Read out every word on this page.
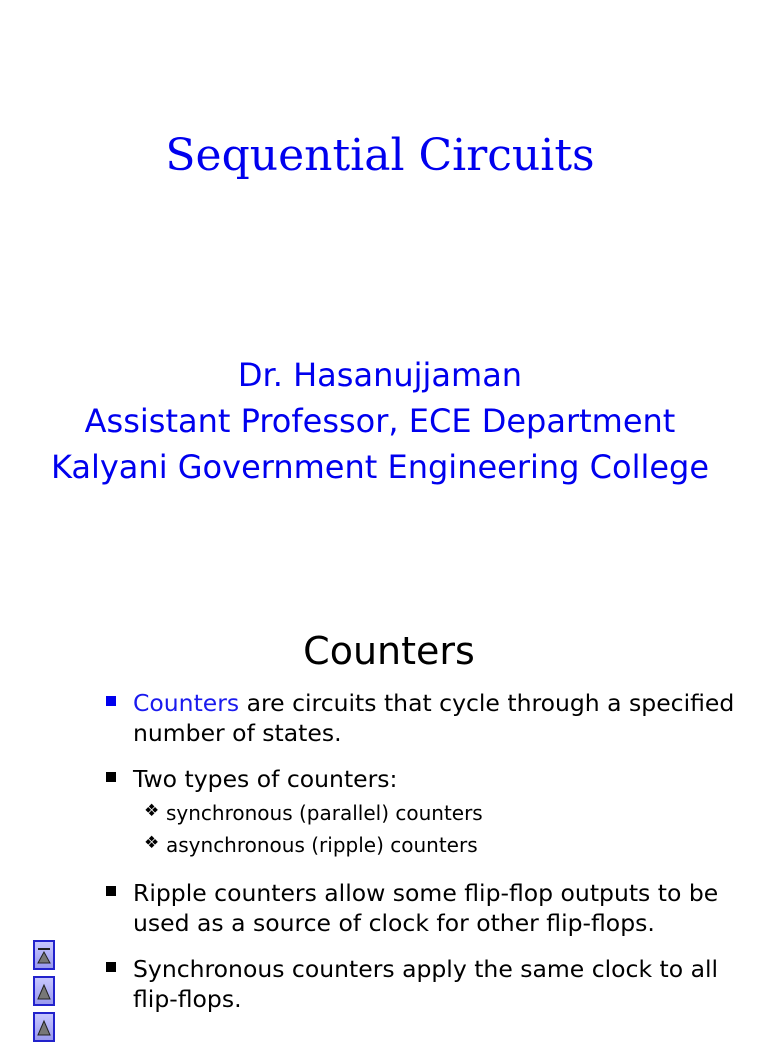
Sequential Circuits
Dr. Hasanujjaman
Assistant Professor, ECE Department
Kalyani Government Engineering College
Counters
Counters are circuits that cycle through a specified number of states.
Two types of counters:
❖ synchronous (parallel) counters
❖ asynchronous (ripple) counters
Ripple counters allow some flip-flop outputs to be used as a source of clock for other flip-flops.
Synchronous counters apply the same clock to all flip-flops.
